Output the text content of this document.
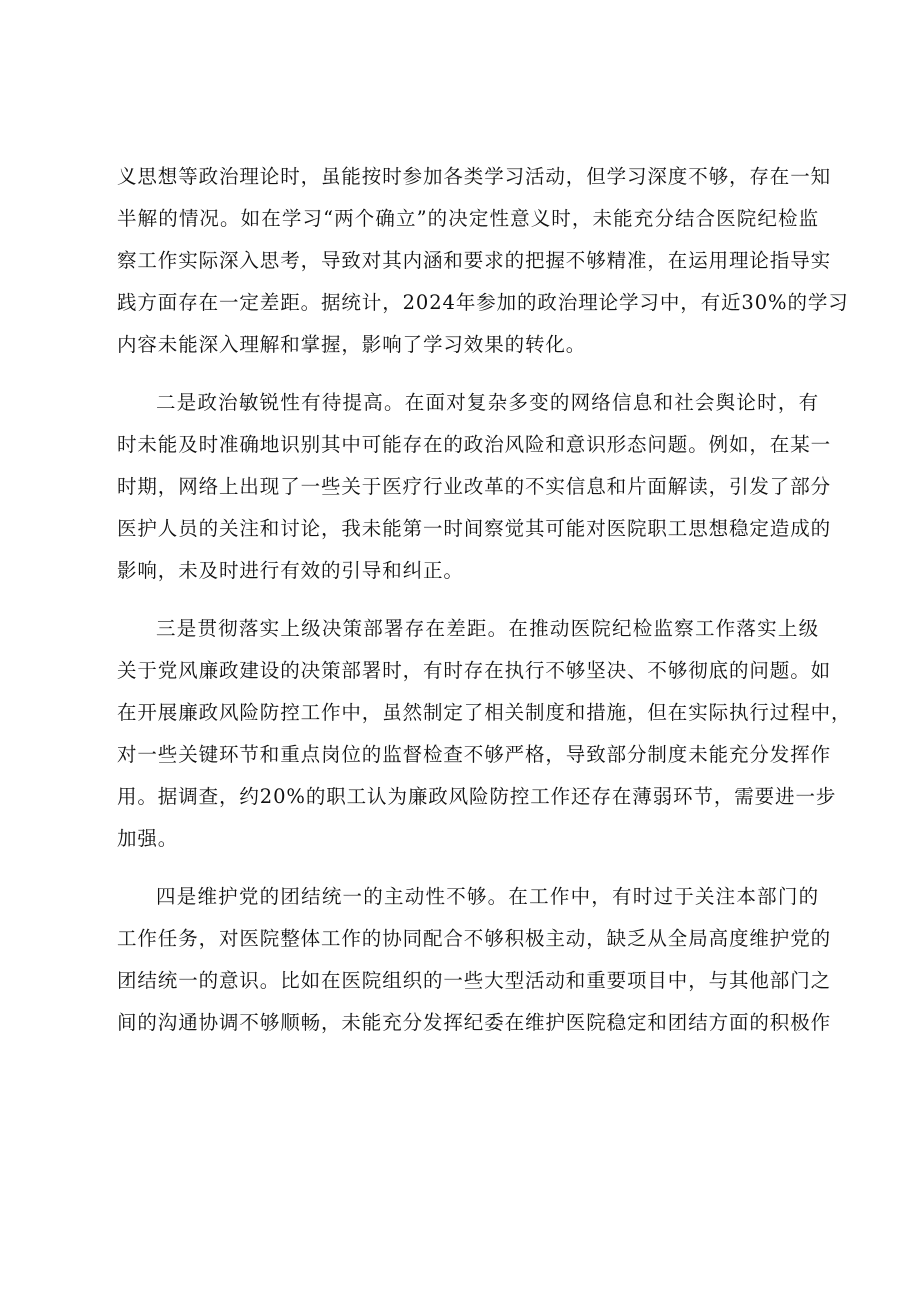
义思想等政治理论时，虽能按时参加各类学习活动，但学习深度不够，存在一知
半解的情况。如在学习“两个确立”的决定性意义时，未能充分结合医院纪检监
察工作实际深入思考，导致对其内涵和要求的把握不够精准，在运用理论指导实
践方面存在一定差距。据统计，2024年参加的政治理论学习中，有近30%的学习
内容未能深入理解和掌握，影响了学习效果的转化。

二是政治敏锐性有待提高。在面对复杂多变的网络信息和社会舆论时，有
时未能及时准确地识别其中可能存在的政治风险和意识形态问题。例如，在某一
时期，网络上出现了一些关于医疗行业改革的不实信息和片面解读，引发了部分
医护人员的关注和讨论，我未能第一时间察觉其可能对医院职工思想稳定造成的
影响，未及时进行有效的引导和纠正。

三是贯彻落实上级决策部署存在差距。在推动医院纪检监察工作落实上级
关于党风廉政建设的决策部署时，有时存在执行不够坚决、不够彻底的问题。如
在开展廉政风险防控工作中，虽然制定了相关制度和措施，但在实际执行过程中，
对一些关键环节和重点岗位的监督检查不够严格，导致部分制度未能充分发挥作
用。据调查，约20%的职工认为廉政风险防控工作还存在薄弱环节，需要进一步
加强。

四是维护党的团结统一的主动性不够。在工作中，有时过于关注本部门的
工作任务，对医院整体工作的协同配合不够积极主动，缺乏从全局高度维护党的
团结统一的意识。比如在医院组织的一些大型活动和重要项目中，与其他部门之
间的沟通协调不够顺畅，未能充分发挥纪委在维护医院稳定和团结方面的积极作
